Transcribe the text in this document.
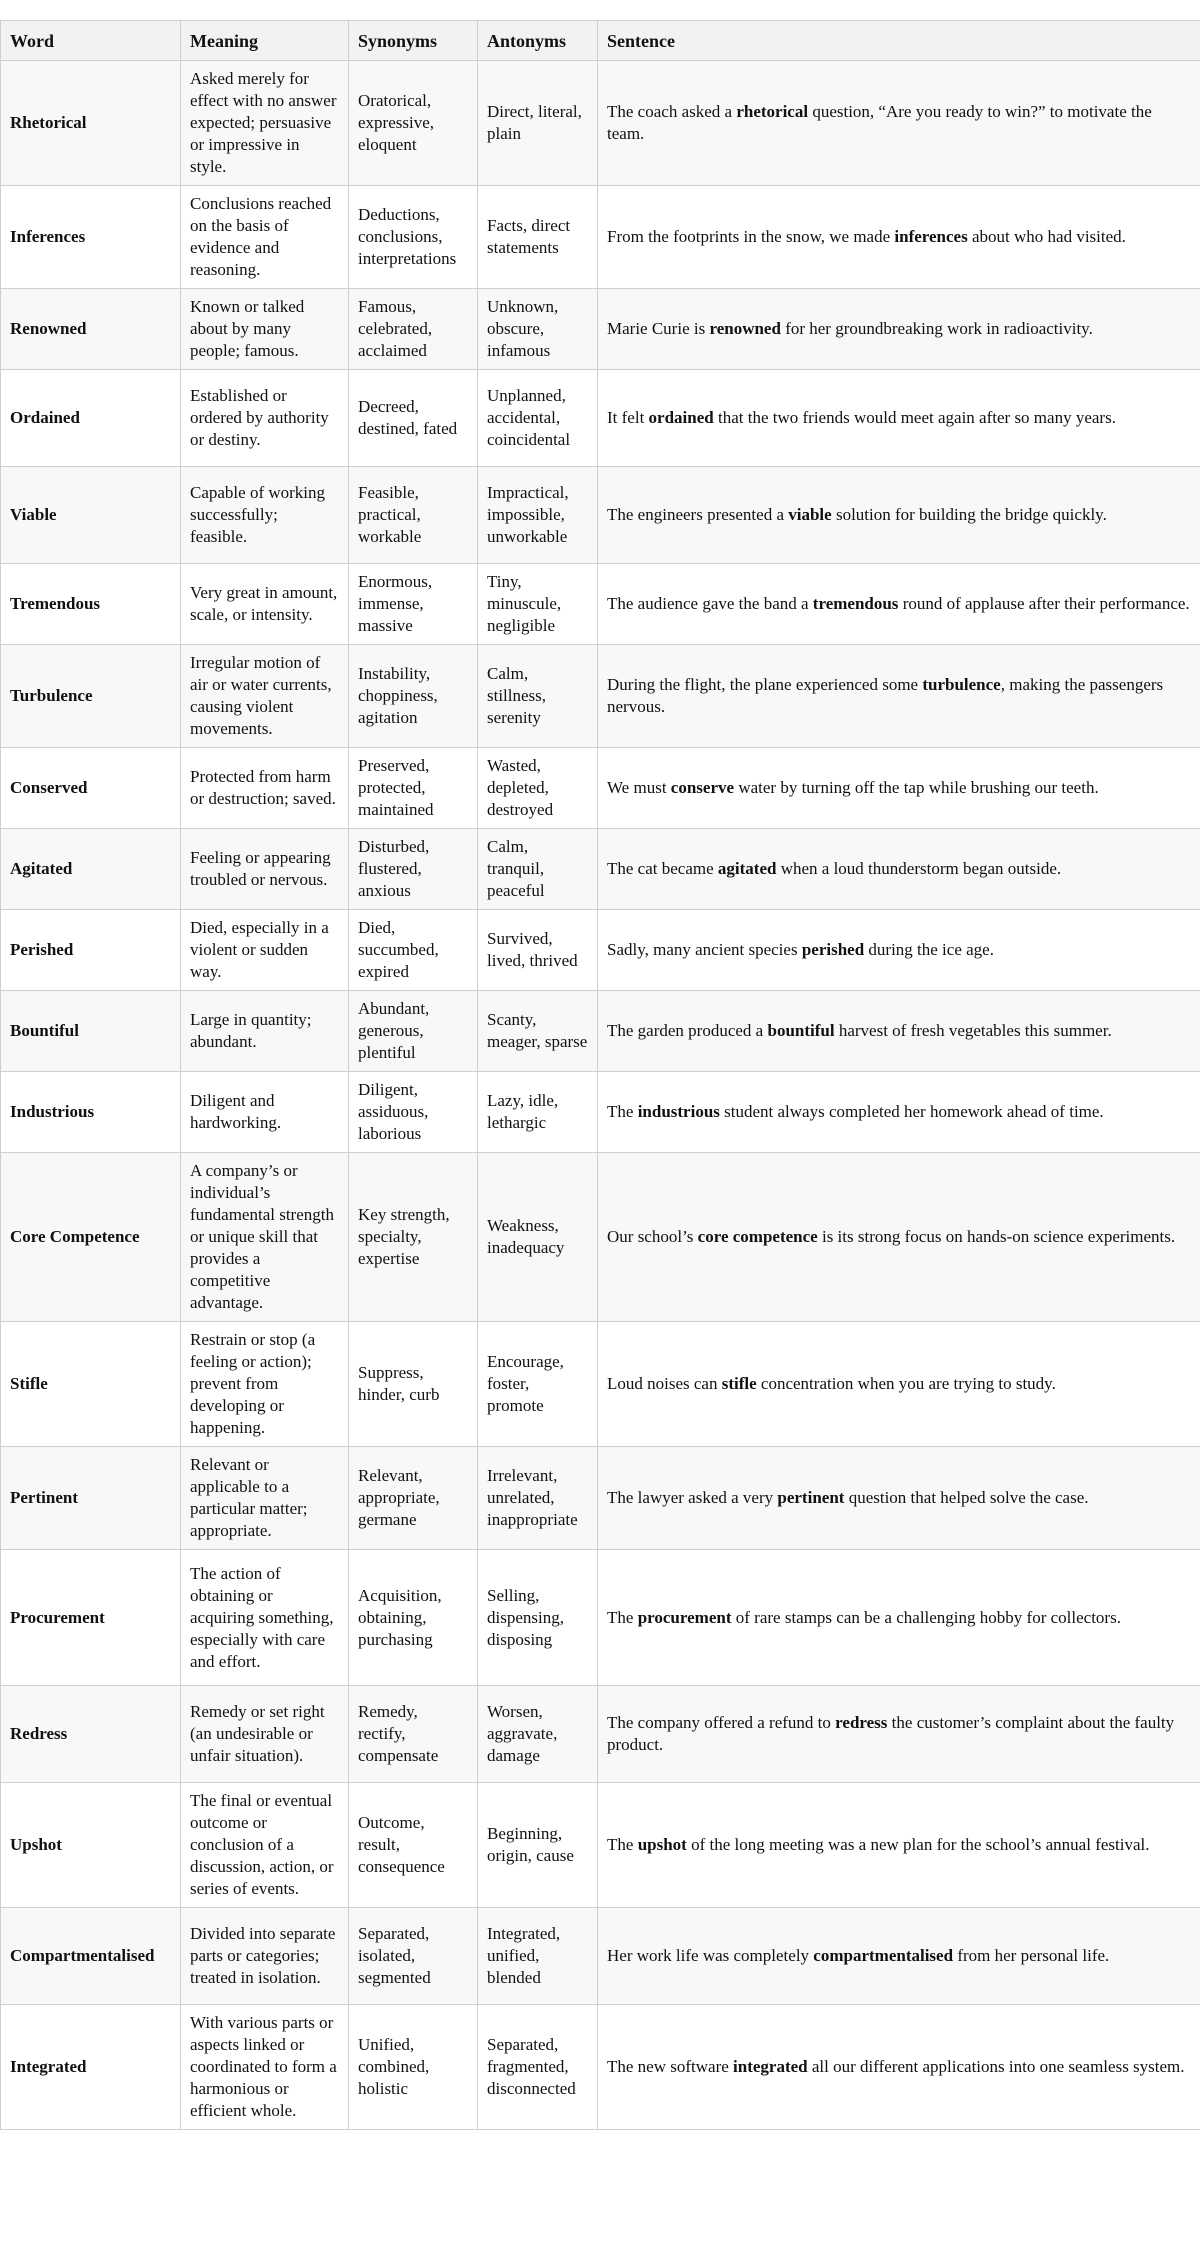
Word	Meaning	Synonyms	Antonyms	Sentence
Rhetorical	Asked merely for effect with no answer expected; persuasive or impressive in style.	Oratorical, expressive, eloquent	Direct, literal, plain	The coach asked a rhetorical question, “Are you ready to win?” to motivate the team.
Inferences	Conclusions reached on the basis of evidence and reasoning.	Deductions, conclusions, interpretations	Facts, direct statements	From the footprints in the snow, we made inferences about who had visited.
Renowned	Known or talked about by many people; famous.	Famous, celebrated, acclaimed	Unknown, obscure, infamous	Marie Curie is renowned for her groundbreaking work in radioactivity.
Ordained	Established or ordered by authority or destiny.	Decreed, destined, fated	Unplanned, accidental, coincidental	It felt ordained that the two friends would meet again after so many years.
Viable	Capable of working successfully; feasible.	Feasible, practical, workable	Impractical, impossible, unworkable	The engineers presented a viable solution for building the bridge quickly.
Tremendous	Very great in amount, scale, or intensity.	Enormous, immense, massive	Tiny, minuscule, negligible	The audience gave the band a tremendous round of applause after their performance.
Turbulence	Irregular motion of air or water currents, causing violent movements.	Instability, choppiness, agitation	Calm, stillness, serenity	During the flight, the plane experienced some turbulence, making the passengers nervous.
Conserved	Protected from harm or destruction; saved.	Preserved, protected, maintained	Wasted, depleted, destroyed	We must conserve water by turning off the tap while brushing our teeth.
Agitated	Feeling or appearing troubled or nervous.	Disturbed, flustered, anxious	Calm, tranquil, peaceful	The cat became agitated when a loud thunderstorm began outside.
Perished	Died, especially in a violent or sudden way.	Died, succumbed, expired	Survived, lived, thrived	Sadly, many ancient species perished during the ice age.
Bountiful	Large in quantity; abundant.	Abundant, generous, plentiful	Scanty, meager, sparse	The garden produced a bountiful harvest of fresh vegetables this summer.
Industrious	Diligent and hardworking.	Diligent, assiduous, laborious	Lazy, idle, lethargic	The industrious student always completed her homework ahead of time.
Core Competence	A company’s or individual’s fundamental strength or unique skill that provides a competitive advantage.	Key strength, specialty, expertise	Weakness, inadequacy	Our school’s core competence is its strong focus on hands-on science experiments.
Stifle	Restrain or stop (a feeling or action); prevent from developing or happening.	Suppress, hinder, curb	Encourage, foster, promote	Loud noises can stifle concentration when you are trying to study.
Pertinent	Relevant or applicable to a particular matter; appropriate.	Relevant, appropriate, germane	Irrelevant, unrelated, inappropriate	The lawyer asked a very pertinent question that helped solve the case.
Procurement	The action of obtaining or acquiring something, especially with care and effort.	Acquisition, obtaining, purchasing	Selling, dispensing, disposing	The procurement of rare stamps can be a challenging hobby for collectors.
Redress	Remedy or set right (an undesirable or unfair situation).	Remedy, rectify, compensate	Worsen, aggravate, damage	The company offered a refund to redress the customer’s complaint about the faulty product.
Upshot	The final or eventual outcome or conclusion of a discussion, action, or series of events.	Outcome, result, consequence	Beginning, origin, cause	The upshot of the long meeting was a new plan for the school’s annual festival.
Compartmentalised	Divided into separate parts or categories; treated in isolation.	Separated, isolated, segmented	Integrated, unified, blended	Her work life was completely compartmentalised from her personal life.
Integrated	With various parts or aspects linked or coordinated to form a harmonious or efficient whole.	Unified, combined, holistic	Separated, fragmented, disconnected	The new software integrated all our different applications into one seamless system.
